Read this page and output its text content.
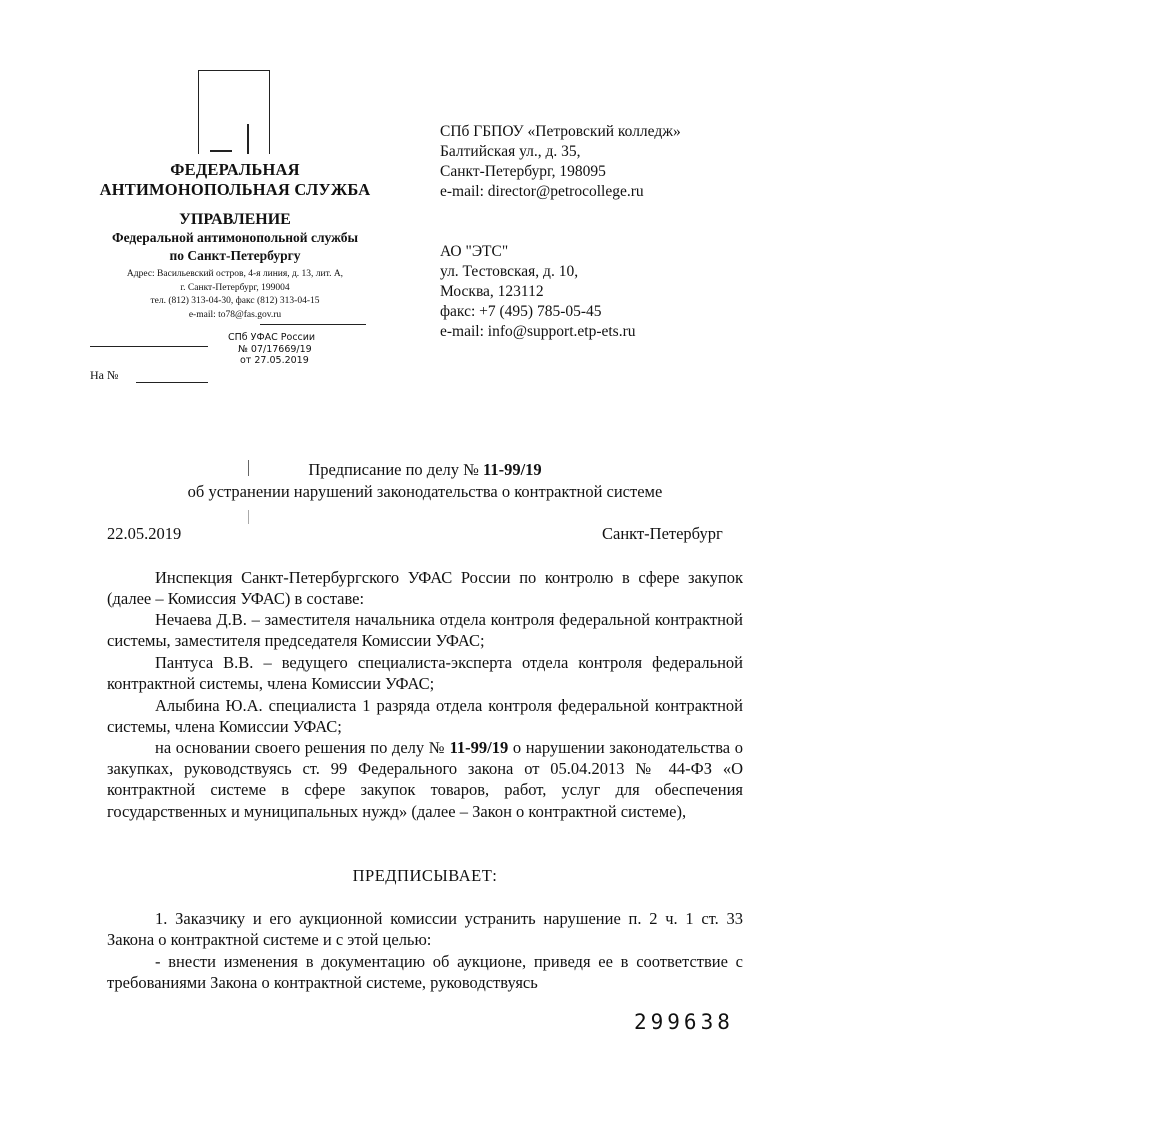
ФЕДЕРАЛЬНАЯ
АНТИМОНОПОЛЬНАЯ СЛУЖБА
УПРАВЛЕНИЕ
Федеральной антимонопольной службы
по Санкт-Петербургу
Адрес: Васильевский остров, 4-я линия, д. 13, лит. А,
г. Санкт-Петербург, 199004
тел. (812) 313-04-30, факс (812) 313-04-15
e-mail: to78@fas.gov.ru
СПб УФАС России
№ 07/17669/19
от 27.05.2019
На №
СПб ГБПОУ «Петровский колледж»
Балтийская ул., д. 35,
Санкт-Петербург, 198095
e-mail: director@petrocollege.ru
АО "ЭТС"
ул. Тестовская, д. 10,
Москва, 123112
факс: +7 (495) 785-05-45
e-mail: info@support.etp-ets.ru
Предписание по делу № 11-99/19
об устранении нарушений законодательства о контрактной системе
22.05.2019	Санкт-Петербург
Инспекция Санкт-Петербургского УФАС России по контролю в сфере закупок (далее – Комиссия УФАС) в составе:
Нечаева Д.В. – заместителя начальника отдела контроля федеральной контрактной системы, заместителя председателя Комиссии УФАС;
Пантуса В.В. – ведущего специалиста-эксперта отдела контроля федеральной контрактной системы, члена Комиссии УФАС;
Алыбина Ю.А. специалиста 1 разряда отдела контроля федеральной контрактной системы, члена Комиссии УФАС;
на основании своего решения по делу № 11-99/19 о нарушении законодательства о закупках, руководствуясь ст. 99 Федерального закона от 05.04.2013 № 44-ФЗ «О контрактной системе в сфере закупок товаров, работ, услуг для обеспечения государственных и муниципальных нужд» (далее – Закон о контрактной системе),
ПРЕДПИСЫВАЕТ:
1. Заказчику и его аукционной комиссии устранить нарушение п. 2 ч. 1 ст. 33 Закона о контрактной системе и с этой целью:
- внести изменения в документацию об аукционе, приведя ее в соответствие с требованиями Закона о контрактной системе, руководствуясь
299638
